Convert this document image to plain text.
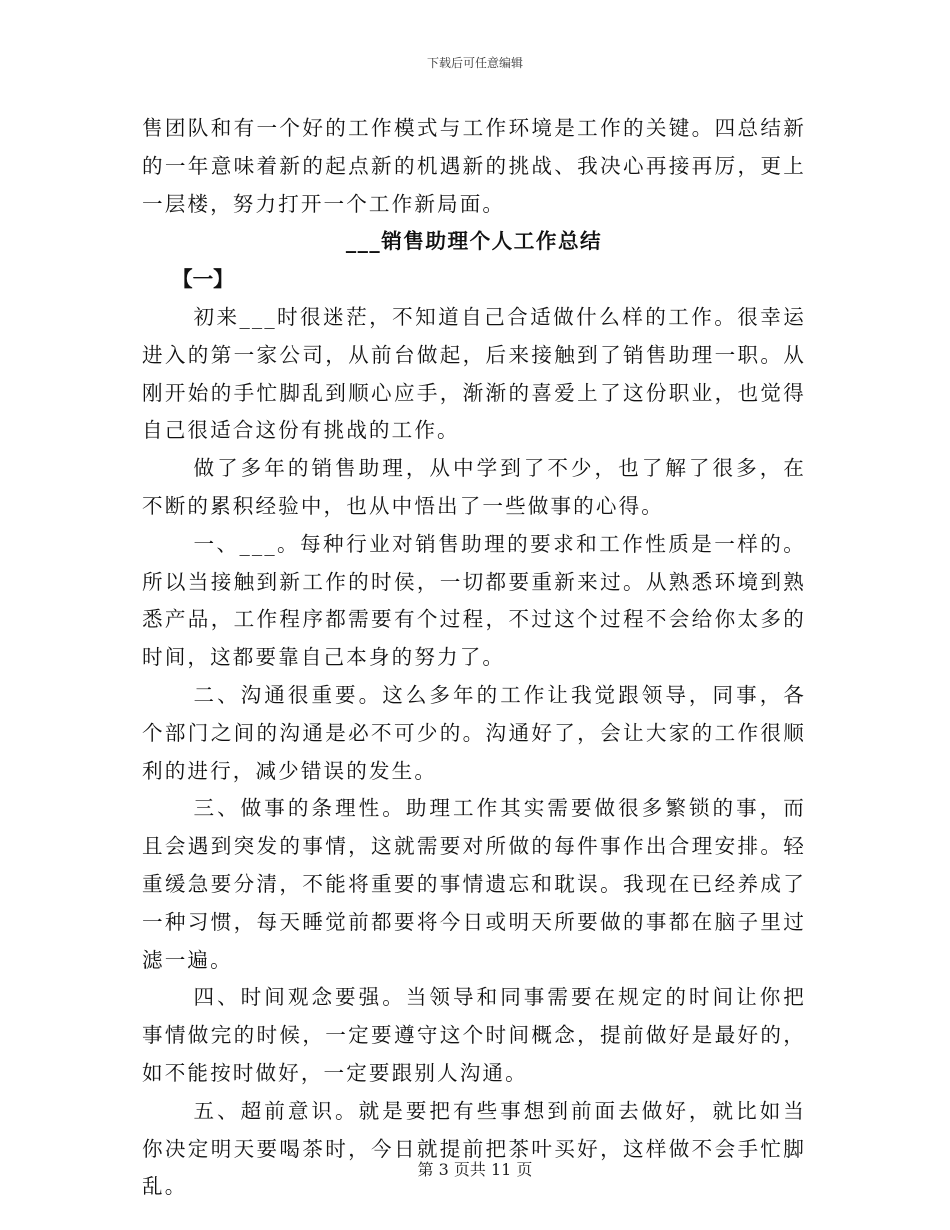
下载后可任意编辑

售团队和有一个好的工作模式与工作环境是工作的关键。四总结新的一年意味着新的起点新的机遇新的挑战、我决心再接再厉，更上一层楼，努力打开一个工作新局面。

___销售助理个人工作总结

【一】

初来___时很迷茫，不知道自己合适做什么样的工作。很幸运进入的第一家公司，从前台做起，后来接触到了销售助理一职。从刚开始的手忙脚乱到顺心应手，渐渐的喜爱上了这份职业，也觉得自己很适合这份有挑战的工作。

做了多年的销售助理，从中学到了不少，也了解了很多，在不断的累积经验中，也从中悟出了一些做事的心得。

一、___。每种行业对销售助理的要求和工作性质是一样的。所以当接触到新工作的时侯，一切都要重新来过。从熟悉环境到熟悉产品，工作程序都需要有个过程，不过这个过程不会给你太多的时间，这都要靠自己本身的努力了。

二、沟通很重要。这么多年的工作让我觉跟领导，同事，各个部门之间的沟通是必不可少的。沟通好了，会让大家的工作很顺利的进行，减少错误的发生。

三、做事的条理性。助理工作其实需要做很多繁锁的事，而且会遇到突发的事情，这就需要对所做的每件事作出合理安排。轻重缓急要分清，不能将重要的事情遗忘和耽误。我现在已经养成了一种习惯，每天睡觉前都要将今日或明天所要做的事都在脑子里过滤一遍。

四、时间观念要强。当领导和同事需要在规定的时间让你把事情做完的时候，一定要遵守这个时间概念，提前做好是最好的，如不能按时做好，一定要跟别人沟通。

五、超前意识。就是要把有些事想到前面去做好，就比如当你决定明天要喝茶时，今日就提前把茶叶买好，这样做不会手忙脚乱。

第 3 页共 11 页
